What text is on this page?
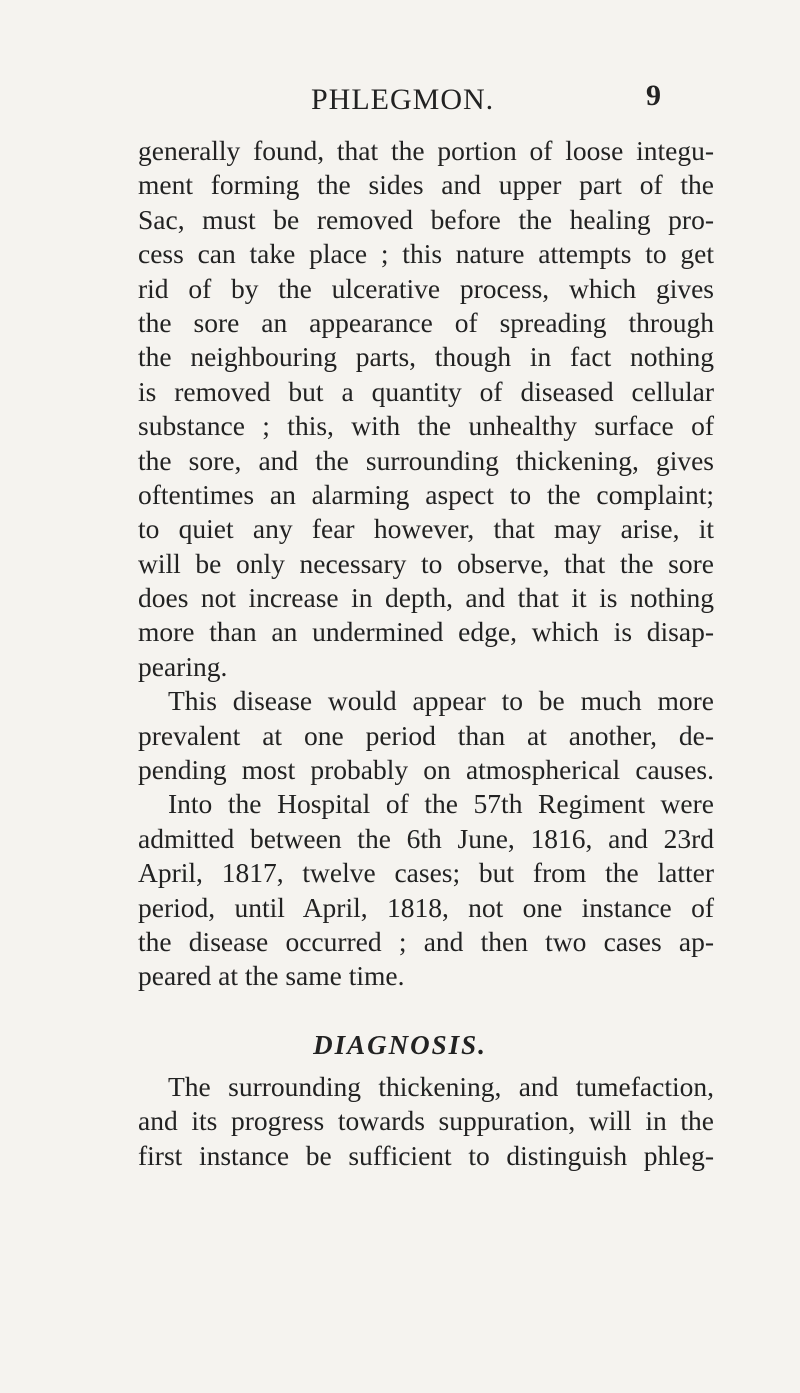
PHLEGMON.	9
generally found, that the portion of loose integu-
ment forming the sides and upper part of the
Sac, must be removed before the healing pro-
cess can take place ; this nature attempts to get
rid of by the ulcerative process, which gives
the sore an appearance of spreading through
the neighbouring parts, though in fact nothing
is removed but a quantity of diseased cellular
substance ; this, with the unhealthy surface of
the sore, and the surrounding thickening, gives
oftentimes an alarming aspect to the complaint;
to quiet any fear however, that may arise, it
will be only necessary to observe, that the sore
does not increase in depth, and that it is nothing
more than an undermined edge, which is disap-
pearing.
This disease would appear to be much more
prevalent at one period than at another, de-
pending most probably on atmospherical causes.
Into the Hospital of the 57th Regiment were
admitted between the 6th June, 1816, and 23rd
April, 1817, twelve cases; but from the latter
period, until April, 1818, not one instance of
the disease occurred ; and then two cases ap-
peared at the same time.
DIAGNOSIS.
The surrounding thickening, and tumefaction,
and its progress towards suppuration, will in the
first instance be sufficient to distinguish phleg-
